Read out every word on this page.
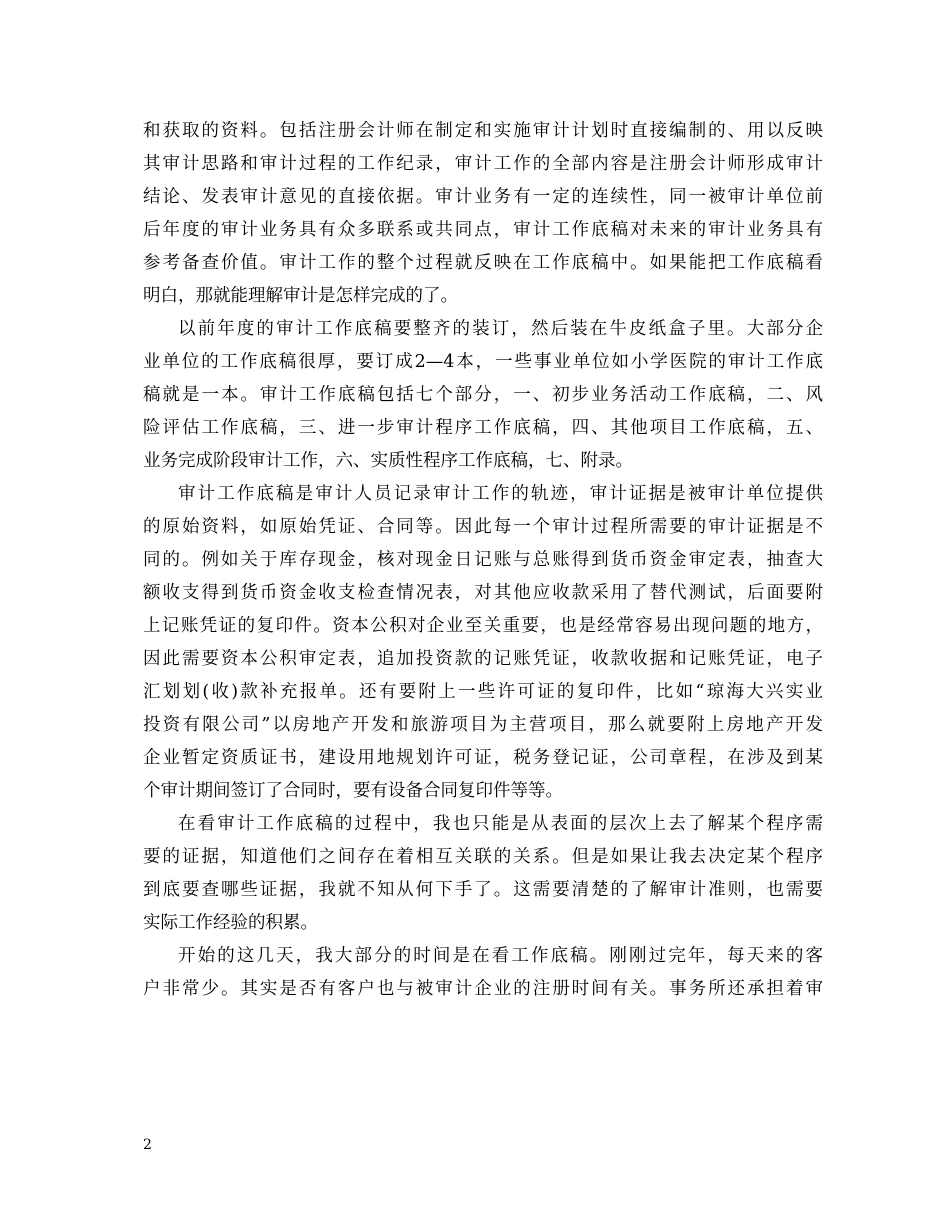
和获取的资料。包括注册会计师在制定和实施审计计划时直接编制的、用以反映
其审计思路和审计过程的工作纪录，审计工作的全部内容是注册会计师形成审计
结论、发表审计意见的直接依据。审计业务有一定的连续性，同一被审计单位前
后年度的审计业务具有众多联系或共同点，审计工作底稿对未来的审计业务具有
参考备查价值。审计工作的整个过程就反映在工作底稿中。如果能把工作底稿看
明白，那就能理解审计是怎样完成的了。
以前年度的审计工作底稿要整齐的装订，然后装在牛皮纸盒子里。大部分企
业单位的工作底稿很厚，要订成2—4本，一些事业单位如小学医院的审计工作底
稿就是一本。审计工作底稿包括七个部分，一、初步业务活动工作底稿，二、风
险评估工作底稿，三、进一步审计程序工作底稿，四、其他项目工作底稿，五、
业务完成阶段审计工作，六、实质性程序工作底稿，七、附录。
审计工作底稿是审计人员记录审计工作的轨迹，审计证据是被审计单位提供
的原始资料，如原始凭证、合同等。因此每一个审计过程所需要的审计证据是不
同的。例如关于库存现金，核对现金日记账与总账得到货币资金审定表，抽查大
额收支得到货币资金收支检查情况表，对其他应收款采用了替代测试，后面要附
上记账凭证的复印件。资本公积对企业至关重要，也是经常容易出现问题的地方，
因此需要资本公积审定表，追加投资款的记账凭证，收款收据和记账凭证，电子
汇划划(收)款补充报单。还有要附上一些许可证的复印件，比如“琼海大兴实业
投资有限公司”以房地产开发和旅游项目为主营项目，那么就要附上房地产开发
企业暂定资质证书，建设用地规划许可证，税务登记证，公司章程，在涉及到某
个审计期间签订了合同时，要有设备合同复印件等等。
在看审计工作底稿的过程中，我也只能是从表面的层次上去了解某个程序需
要的证据，知道他们之间存在着相互关联的关系。但是如果让我去决定某个程序
到底要查哪些证据，我就不知从何下手了。这需要清楚的了解审计准则，也需要
实际工作经验的积累。
开始的这几天，我大部分的时间是在看工作底稿。刚刚过完年，每天来的客
户非常少。其实是否有客户也与被审计企业的注册时间有关。事务所还承担着审
2
